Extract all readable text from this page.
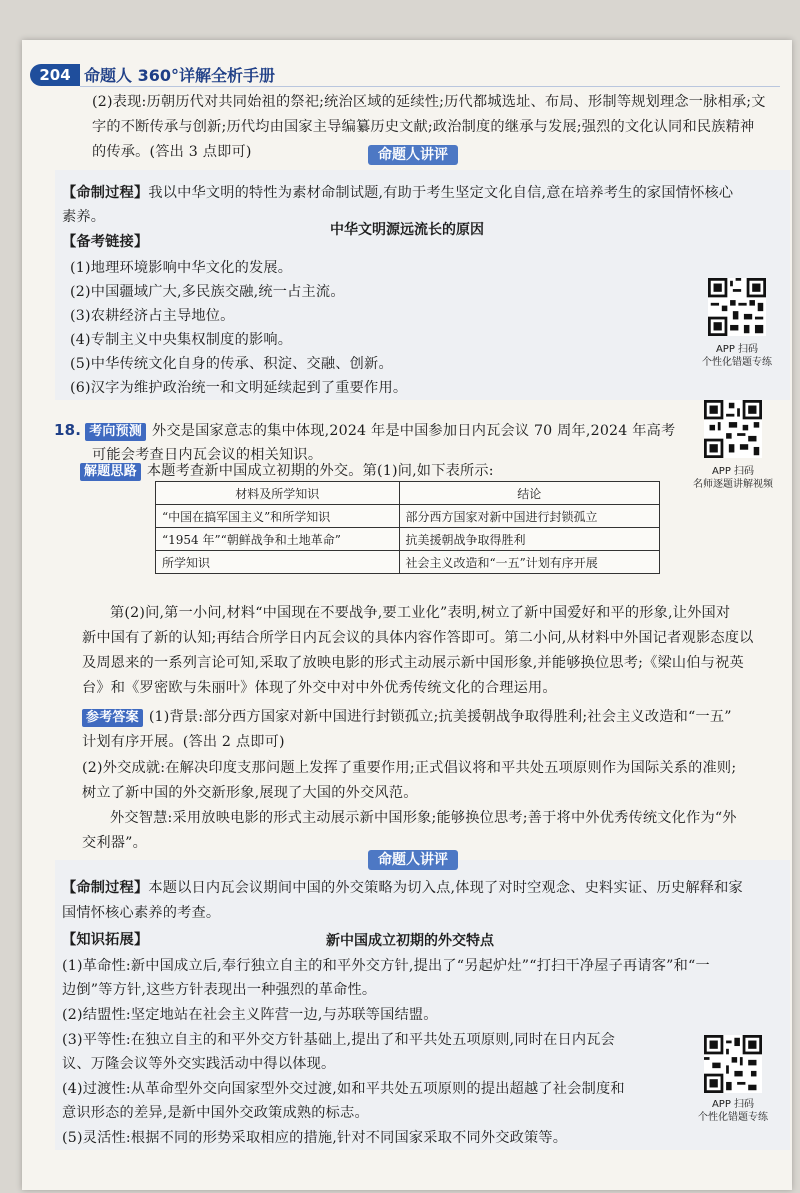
204 命题人 360°详解全析手册
(2)表现:历朝历代对共同始祖的祭祀;统治区域的延续性;历代都城选址、布局、形制等规划理念一脉相承;文
字的不断传承与创新;历代均由国家主导编纂历史文献;政治制度的继承与发展;强烈的文化认同和民族精神
的传承。(答出 3 点即可)	命题人讲评
【命制过程】我以中华文明的特性为素材命制试题,有助于考生坚定文化自信,意在培养考生的家国情怀核心
素养。
【备考链接】
中华文明源远流长的原因
(1)地理环境影响中华文化的发展。
(2)中国疆域广大,多民族交融,统一占主流。
(3)农耕经济占主导地位。
(4)专制主义中央集权制度的影响。
(5)中华传统文化自身的传承、积淀、交融、创新。
(6)汉字为维护政治统一和文明延续起到了重要作用。
APP 扫码
个性化错题专练
18. 考向预测 外交是国家意志的集中体现,2024 年是中国参加日内瓦会议 70 周年,2024 年高考
可能会考查日内瓦会议的相关知识。
APP 扫码
名师逐题讲解视频
解题思路 本题考查新中国成立初期的外交。第(1)问,如下表所示:
材料及所学知识	结论
“中国在搞军国主义”和所学知识	部分西方国家对新中国进行封锁孤立
“1954 年”“朝鲜战争和土地革命”	抗美援朝战争取得胜利
所学知识	社会主义改造和“一五”计划有序开展
第(2)问,第一小问,材料“中国现在不要战争,要工业化”表明,树立了新中国爱好和平的形象,让外国对
新中国有了新的认知;再结合所学日内瓦会议的具体内容作答即可。第二小问,从材料中外国记者观影态度以
及周恩来的一系列言论可知,采取了放映电影的形式主动展示新中国形象,并能够换位思考;《梁山伯与祝英
台》和《罗密欧与朱丽叶》体现了外交中对中外优秀传统文化的合理运用。
参考答案 (1)背景:部分西方国家对新中国进行封锁孤立;抗美援朝战争取得胜利;社会主义改造和“一五”
计划有序开展。(答出 2 点即可)
(2)外交成就:在解决印度支那问题上发挥了重要作用;正式倡议将和平共处五项原则作为国际关系的准则;
树立了新中国的外交新形象,展现了大国的外交风范。
外交智慧:采用放映电影的形式主动展示新中国形象;能够换位思考;善于将中外优秀传统文化作为“外
交利器”。
命题人讲评
【命制过程】本题以日内瓦会议期间中国的外交策略为切入点,体现了对时空观念、史料实证、历史解释和家
国情怀核心素养的考查。
【知识拓展】	新中国成立初期的外交特点
(1)革命性:新中国成立后,奉行独立自主的和平外交方针,提出了“另起炉灶”“打扫干净屋子再请客”和“一
边倒”等方针,这些方针表现出一种强烈的革命性。
(2)结盟性:坚定地站在社会主义阵营一边,与苏联等国结盟。
(3)平等性:在独立自主的和平外交方针基础上,提出了和平共处五项原则,同时在日内瓦会
议、万隆会议等外交实践活动中得以体现。
(4)过渡性:从革命型外交向国家型外交过渡,如和平共处五项原则的提出超越了社会制度和
意识形态的差异,是新中国外交政策成熟的标志。
(5)灵活性:根据不同的形势采取相应的措施,针对不同国家采取不同外交政策等。
APP 扫码
个性化错题专练
